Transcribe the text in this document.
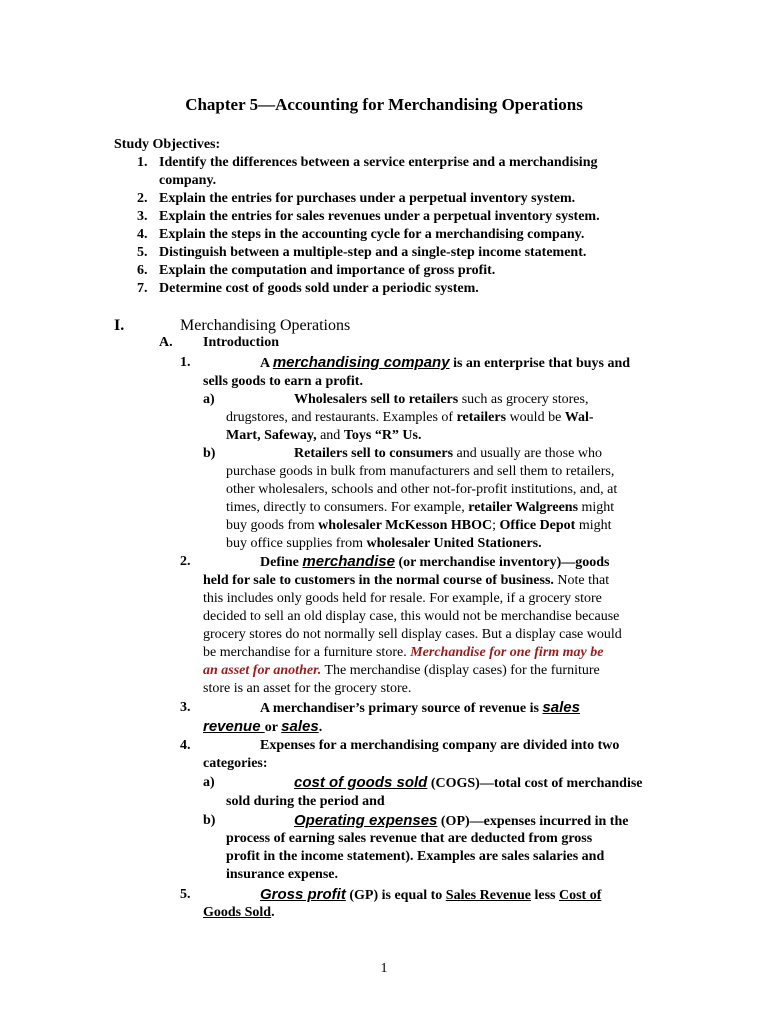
Chapter 5—Accounting for Merchandising Operations
Study Objectives:
1. Identify the differences between a service enterprise and a merchandising
company.
2. Explain the entries for purchases under a perpetual inventory system.
3. Explain the entries for sales revenues under a perpetual inventory system.
4. Explain the steps in the accounting cycle for a merchandising company.
5. Distinguish between a multiple-step and a single-step income statement.
6. Explain the computation and importance of gross profit.
7. Determine cost of goods sold under a periodic system.
I.	Merchandising Operations
A. Introduction
1.	A merchandising company is an enterprise that buys and
sells goods to earn a profit.
a)	Wholesalers sell to retailers such as grocery stores,
drugstores, and restaurants. Examples of retailers would be Wal-
Mart, Safeway, and Toys “R” Us.
b)	Retailers sell to consumers and usually are those who
purchase goods in bulk from manufacturers and sell them to retailers,
other wholesalers, schools and other not-for-profit institutions, and, at
times, directly to consumers. For example, retailer Walgreens might
buy goods from wholesaler McKesson HBOC; Office Depot might
buy office supplies from wholesaler United Stationers.
2.	Define merchandise (or merchandise inventory)—goods
held for sale to customers in the normal course of business. Note that
this includes only goods held for resale. For example, if a grocery store
decided to sell an old display case, this would not be merchandise because
grocery stores do not normally sell display cases. But a display case would
be merchandise for a furniture store. Merchandise for one firm may be
an asset for another. The merchandise (display cases) for the furniture
store is an asset for the grocery store.
3.	A merchandiser’s primary source of revenue is sales
revenue or sales.
4.	Expenses for a merchandising company are divided into two
categories:
a)	cost of goods sold (COGS)—total cost of merchandise
sold during the period and
b)	Operating expenses (OP)—expenses incurred in the
process of earning sales revenue that are deducted from gross
profit in the income statement). Examples are sales salaries and
insurance expense.
5.	Gross profit (GP) is equal to Sales Revenue less Cost of
Goods Sold.
1
